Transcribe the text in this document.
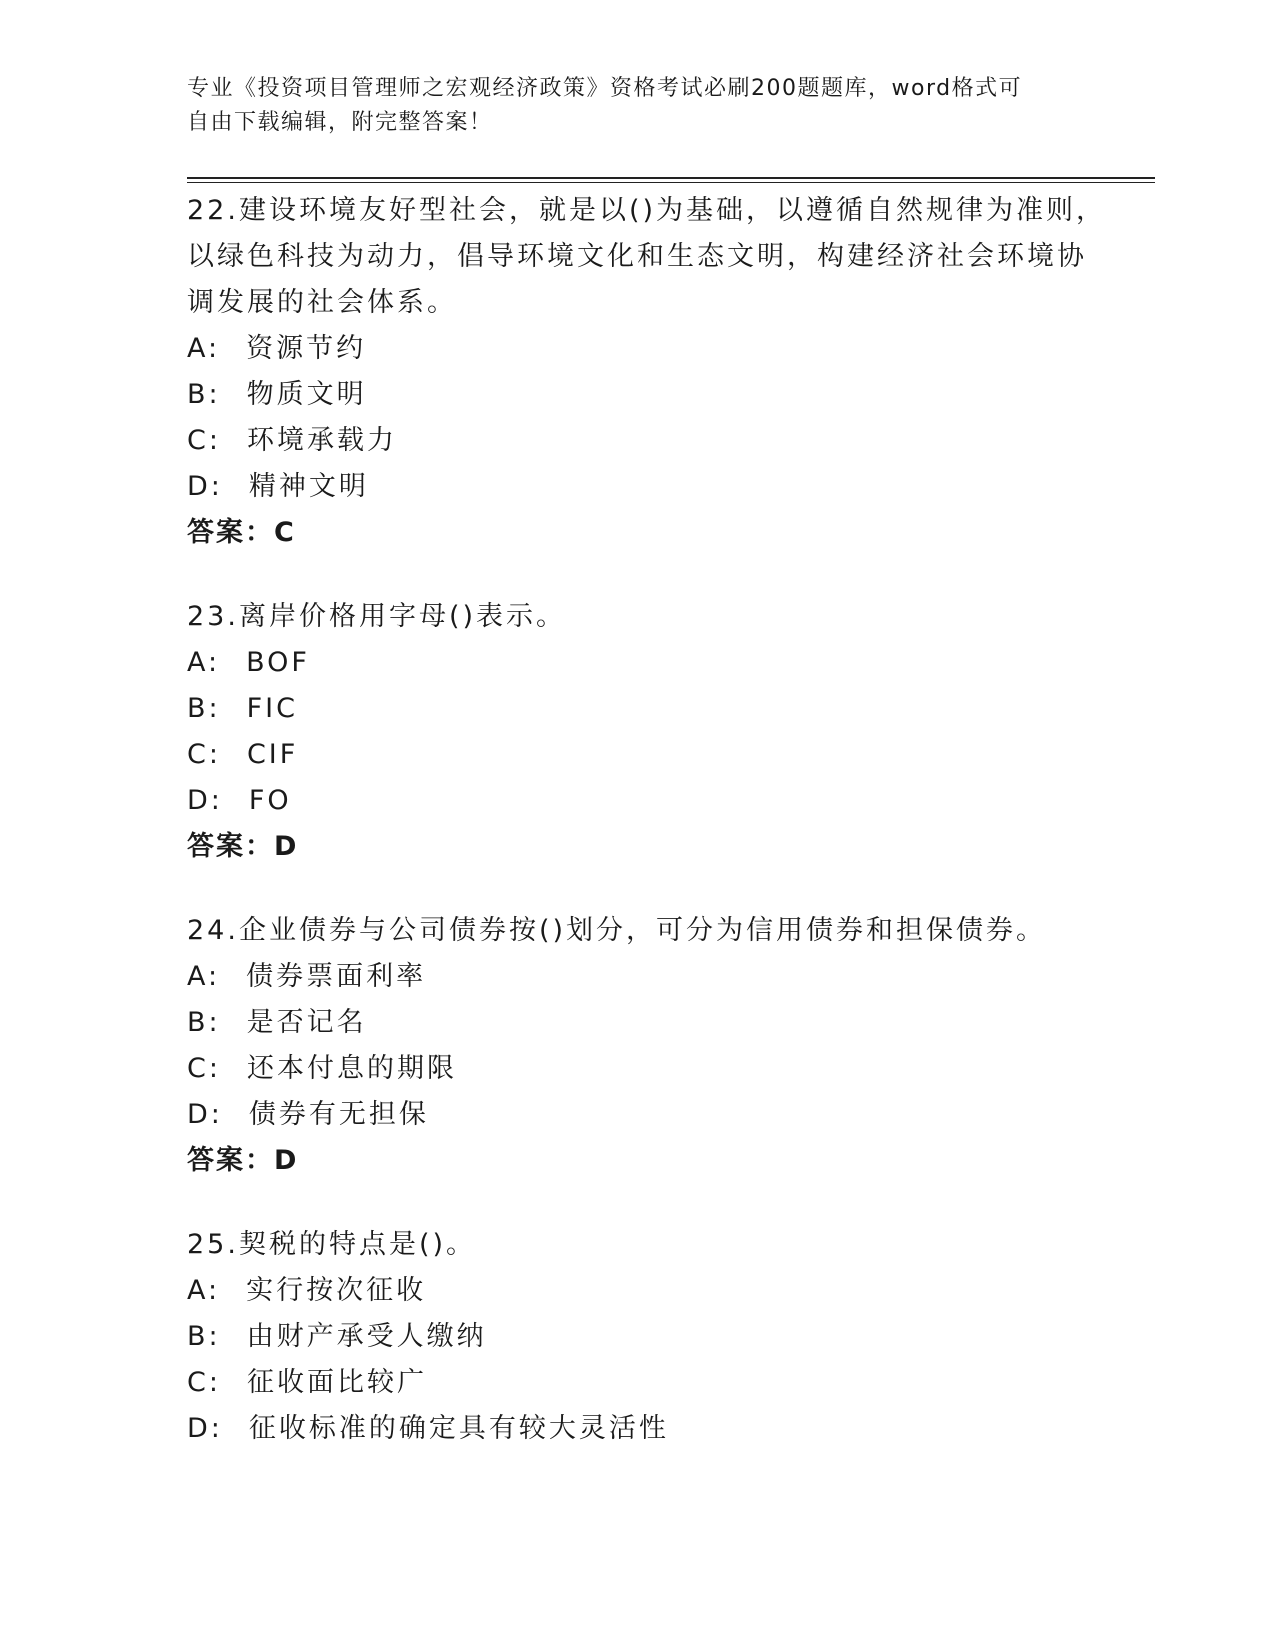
专业《投资项目管理师之宏观经济政策》资格考试必刷200题题库，word格式可
自由下载编辑，附完整答案！
22.建设环境友好型社会，就是以()为基础，以遵循自然规律为准则，
以绿色科技为动力，倡导环境文化和生态文明，构建经济社会环境协
调发展的社会体系。
A: 资源节约
B: 物质文明
C: 环境承载力
D: 精神文明
答案：C
23.离岸价格用字母()表示。
A: BOF
B: FIC
C: CIF
D: FO
答案：D
24.企业债券与公司债券按()划分，可分为信用债券和担保债券。
A: 债券票面利率
B: 是否记名
C: 还本付息的期限
D: 债券有无担保
答案：D
25.契税的特点是()。
A: 实行按次征收
B: 由财产承受人缴纳
C: 征收面比较广
D: 征收标准的确定具有较大灵活性
